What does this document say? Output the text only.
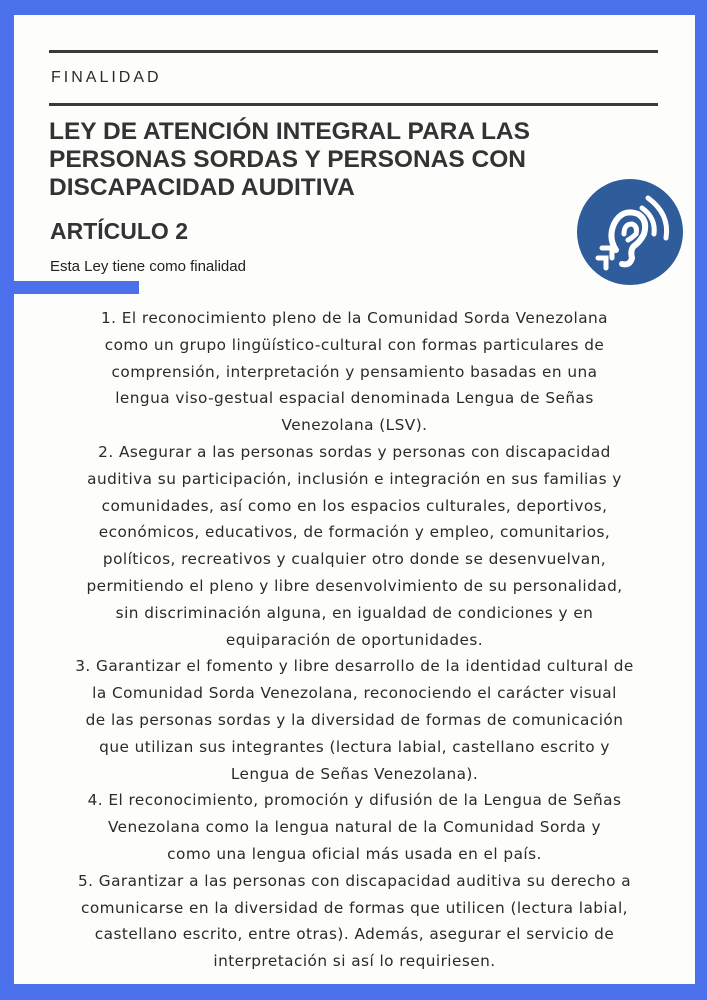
FINALIDAD
LEY DE ATENCIÓN INTEGRAL PARA LAS
PERSONAS SORDAS Y PERSONAS CON
DISCAPACIDAD AUDITIVA
ARTÍCULO 2
Esta Ley tiene como finalidad

1. El reconocimiento pleno de la Comunidad Sorda Venezolana
como un grupo lingüístico-cultural con formas particulares de
comprensión, interpretación y pensamiento basadas en una
lengua viso-gestual espacial denominada Lengua de Señas
Venezolana (LSV).

2. Asegurar a las personas sordas y personas con discapacidad
auditiva su participación, inclusión e integración en sus familias y
comunidades, así como en los espacios culturales, deportivos,
económicos, educativos, de formación y empleo, comunitarios,
políticos, recreativos y cualquier otro donde se desenvuelvan,
permitiendo el pleno y libre desenvolvimiento de su personalidad,
sin discriminación alguna, en igualdad de condiciones y en
equiparación de oportunidades.

3. Garantizar el fomento y libre desarrollo de la identidad cultural de
la Comunidad Sorda Venezolana, reconociendo el carácter visual
de las personas sordas y la diversidad de formas de comunicación
que utilizan sus integrantes (lectura labial, castellano escrito y
Lengua de Señas Venezolana).

4. El reconocimiento, promoción y difusión de la Lengua de Señas
Venezolana como la lengua natural de la Comunidad Sorda y
como una lengua oficial más usada en el país.

5. Garantizar a las personas con discapacidad auditiva su derecho a
comunicarse en la diversidad de formas que utilicen (lectura labial,
castellano escrito, entre otras). Además, asegurar el servicio de
interpretación si así lo requiriesen.
